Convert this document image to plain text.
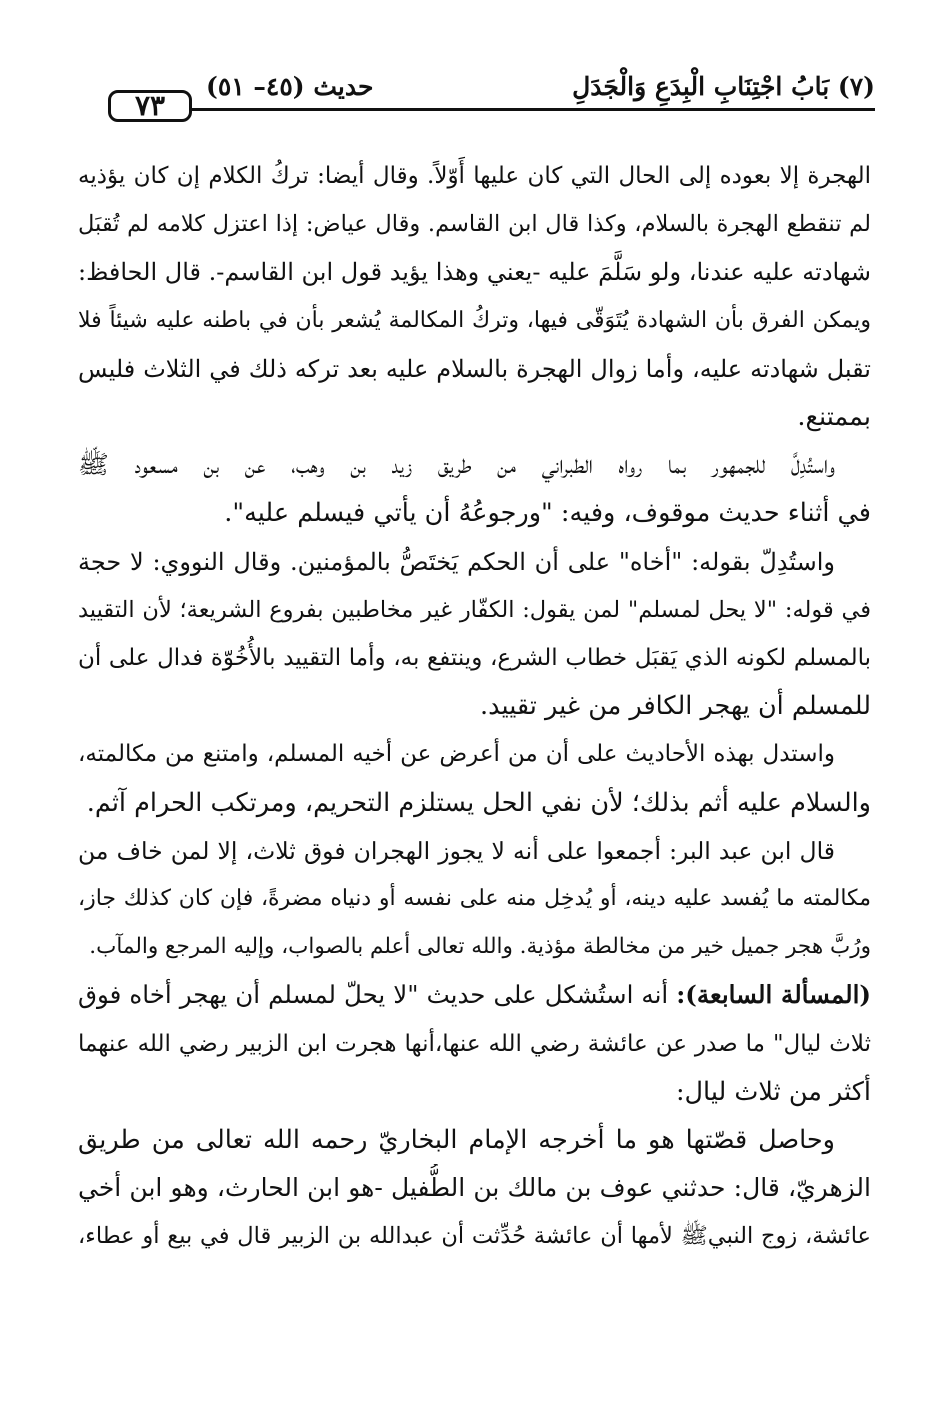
٧٣
حديث (٤٥– ٥١)	(٧) بَابُ اجْتِنَابِ الْبِدَعِ وَالْجَدَلِ
الهجرة إلا بعوده إلى الحال التي كان عليها أَوّلاً. وقال أيضا: تركُ الكلام إن كان يؤذيه
لم تنقطع الهجرة بالسلام، وكذا قال ابن القاسم. وقال عياض: إذا اعتزل كلامه لم تُقبَل
شهادته عليه عندنا، ولو سَلَّمَ عليه -يعني وهذا يؤيد قول ابن القاسم-. قال الحافظ:
ويمكن الفرق بأن الشهادة يُتَوَقّى فيها، وتركُ المكالمة يُشعر بأن في باطنه عليه شيئاً فلا
تقبل شهادته عليه، وأما زوال الهجرة بالسلام عليه بعد تركه ذلك في الثلاث فليس
بممتنع.
واستُدِلَّ للجمهور بما رواه الطبراني من طريق زيد بن وهب، عن بن مسعود ﷺ
في أثناء حديث موقوف، وفيه: "ورجوعُهُ أن يأتي فيسلم عليه".
واستُدِلّ بقوله: "أخاه" على أن الحكم يَختَصُّ بالمؤمنين. وقال النووي: لا حجة
في قوله: "لا يحل لمسلم" لمن يقول: الكفّار غير مخاطبين بفروع الشريعة؛ لأن التقييد
بالمسلم لكونه الذي يَقبَل خطاب الشرع، وينتفع به، وأما التقييد بالأُخُوّة فدال على أن
للمسلم أن يهجر الكافر من غير تقييد.
واستدل بهذه الأحاديث على أن من أعرض عن أخيه المسلم، وامتنع من مكالمته،
والسلام عليه أثم بذلك؛ لأن نفي الحل يستلزم التحريم، ومرتكب الحرام آثم.
قال ابن عبد البر: أجمعوا على أنه لا يجوز الهجران فوق ثلاث، إلا لمن خاف من
مكالمته ما يُفسد عليه دينه، أو يُدخِل منه على نفسه أو دنياه مضرةً، فإن كان كذلك جاز،
ورُبَّ هجر جميل خير من مخالطة مؤذية. والله تعالى أعلم بالصواب، وإليه المرجع والمآب.
(المسألة السابعة): أنه استُشكل على حديث "لا يحلّ لمسلم أن يهجر أخاه فوق
ثلاث ليال" ما صدر عن عائشة رضي الله عنها،أنها هجرت ابن الزبير رضي الله عنهما
أكثر من ثلاث ليال:
وحاصل قصّتها هو ما أخرجه الإمام البخاريّ رحمه الله تعالى من طريق
الزهريّ، قال: حدثني عوف بن مالك بن الطُّفيل -هو ابن الحارث، وهو ابن أخي
عائشة، زوج النبيﷺ لأمها أن عائشة حُدِّثت أن عبدالله بن الزبير قال في بيع أو عطاء،
